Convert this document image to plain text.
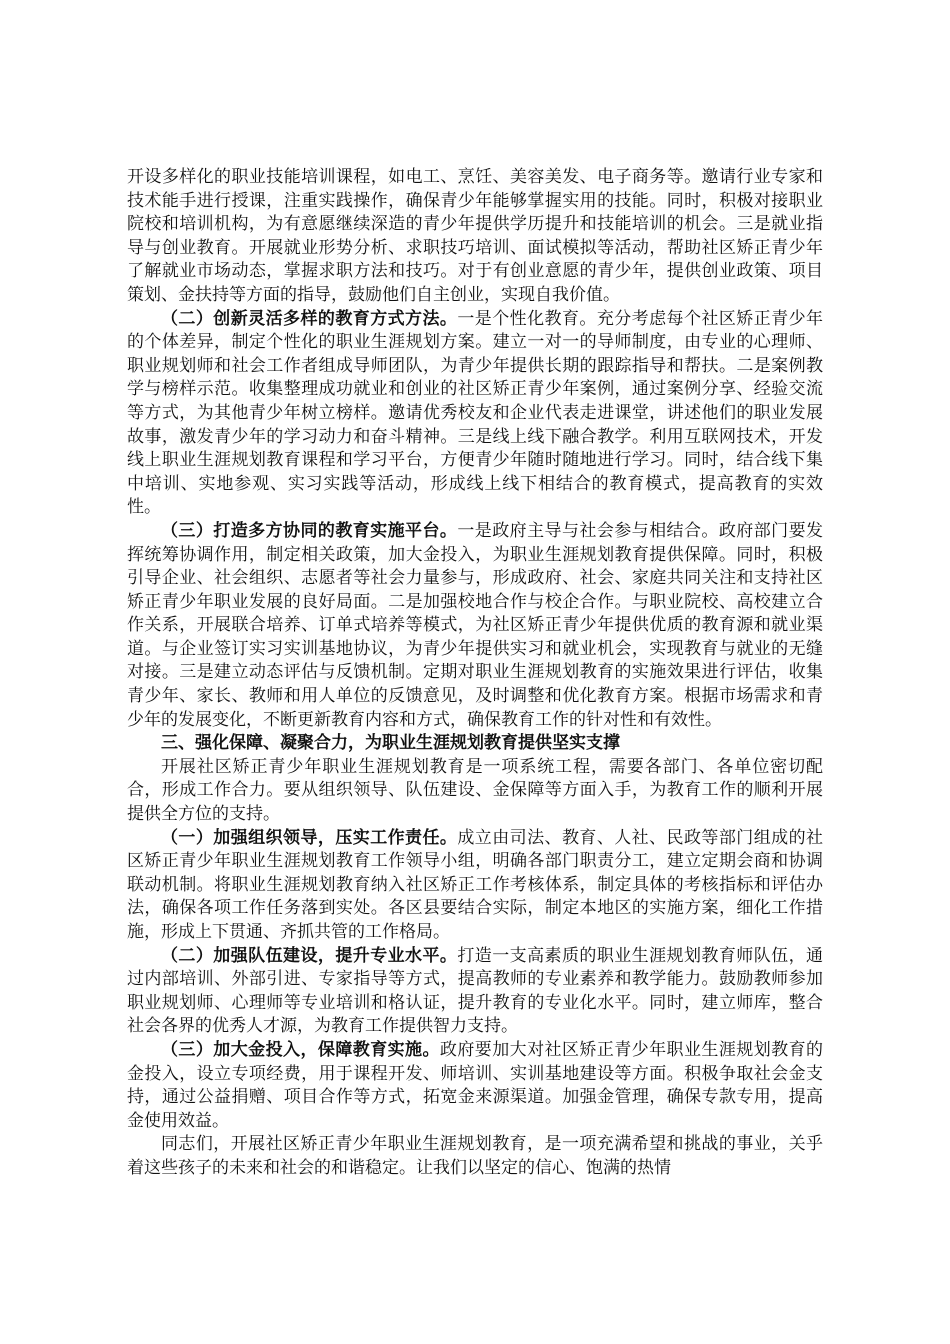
开设多样化的职业技能培训课程，如电工、烹饪、美容美发、电子商务等。邀请行业专家和技术能手进行授课，注重实践操作，确保青少年能够掌握实用的技能。同时，积极对接职业院校和培训机构，为有意愿继续深造的青少年提供学历提升和技能培训的机会。三是就业指导与创业教育。开展就业形势分析、求职技巧培训、面试模拟等活动，帮助社区矫正青少年了解就业市场动态，掌握求职方法和技巧。对于有创业意愿的青少年，提供创业政策、项目策划、金扶持等方面的指导，鼓励他们自主创业，实现自我价值。

（二）创新灵活多样的教育方式方法。一是个性化教育。充分考虑每个社区矫正青少年的个体差异，制定个性化的职业生涯规划方案。建立一对一的导师制度，由专业的心理师、职业规划师和社会工作者组成导师团队，为青少年提供长期的跟踪指导和帮扶。二是案例教学与榜样示范。收集整理成功就业和创业的社区矫正青少年案例，通过案例分享、经验交流等方式，为其他青少年树立榜样。邀请优秀校友和企业代表走进课堂，讲述他们的职业发展故事，激发青少年的学习动力和奋斗精神。三是线上线下融合教学。利用互联网技术，开发线上职业生涯规划教育课程和学习平台，方便青少年随时随地进行学习。同时，结合线下集中培训、实地参观、实习实践等活动，形成线上线下相结合的教育模式，提高教育的实效性。

（三）打造多方协同的教育实施平台。一是政府主导与社会参与相结合。政府部门要发挥统筹协调作用，制定相关政策，加大金投入，为职业生涯规划教育提供保障。同时，积极引导企业、社会组织、志愿者等社会力量参与，形成政府、社会、家庭共同关注和支持社区矫正青少年职业发展的良好局面。二是加强校地合作与校企合作。与职业院校、高校建立合作关系，开展联合培养、订单式培养等模式，为社区矫正青少年提供优质的教育源和就业渠道。与企业签订实习实训基地协议，为青少年提供实习和就业机会，实现教育与就业的无缝对接。三是建立动态评估与反馈机制。定期对职业生涯规划教育的实施效果进行评估，收集青少年、家长、教师和用人单位的反馈意见，及时调整和优化教育方案。根据市场需求和青少年的发展变化，不断更新教育内容和方式，确保教育工作的针对性和有效性。

三、强化保障、凝聚合力，为职业生涯规划教育提供坚实支撑

开展社区矫正青少年职业生涯规划教育是一项系统工程，需要各部门、各单位密切配合，形成工作合力。要从组织领导、队伍建设、金保障等方面入手，为教育工作的顺利开展提供全方位的支持。

（一）加强组织领导，压实工作责任。成立由司法、教育、人社、民政等部门组成的社区矫正青少年职业生涯规划教育工作领导小组，明确各部门职责分工，建立定期会商和协调联动机制。将职业生涯规划教育纳入社区矫正工作考核体系，制定具体的考核指标和评估办法，确保各项工作任务落到实处。各区县要结合实际，制定本地区的实施方案，细化工作措施，形成上下贯通、齐抓共管的工作格局。

（二）加强队伍建设，提升专业水平。打造一支高素质的职业生涯规划教育师队伍，通过内部培训、外部引进、专家指导等方式，提高教师的专业素养和教学能力。鼓励教师参加职业规划师、心理师等专业培训和格认证，提升教育的专业化水平。同时，建立师库，整合社会各界的优秀人才源，为教育工作提供智力支持。

（三）加大金投入，保障教育实施。政府要加大对社区矫正青少年职业生涯规划教育的金投入，设立专项经费，用于课程开发、师培训、实训基地建设等方面。积极争取社会金支持，通过公益捐赠、项目合作等方式，拓宽金来源渠道。加强金管理，确保专款专用，提高金使用效益。

同志们，开展社区矫正青少年职业生涯规划教育，是一项充满希望和挑战的事业，关乎着这些孩子的未来和社会的和谐稳定。让我们以坚定的信心、饱满的热情
